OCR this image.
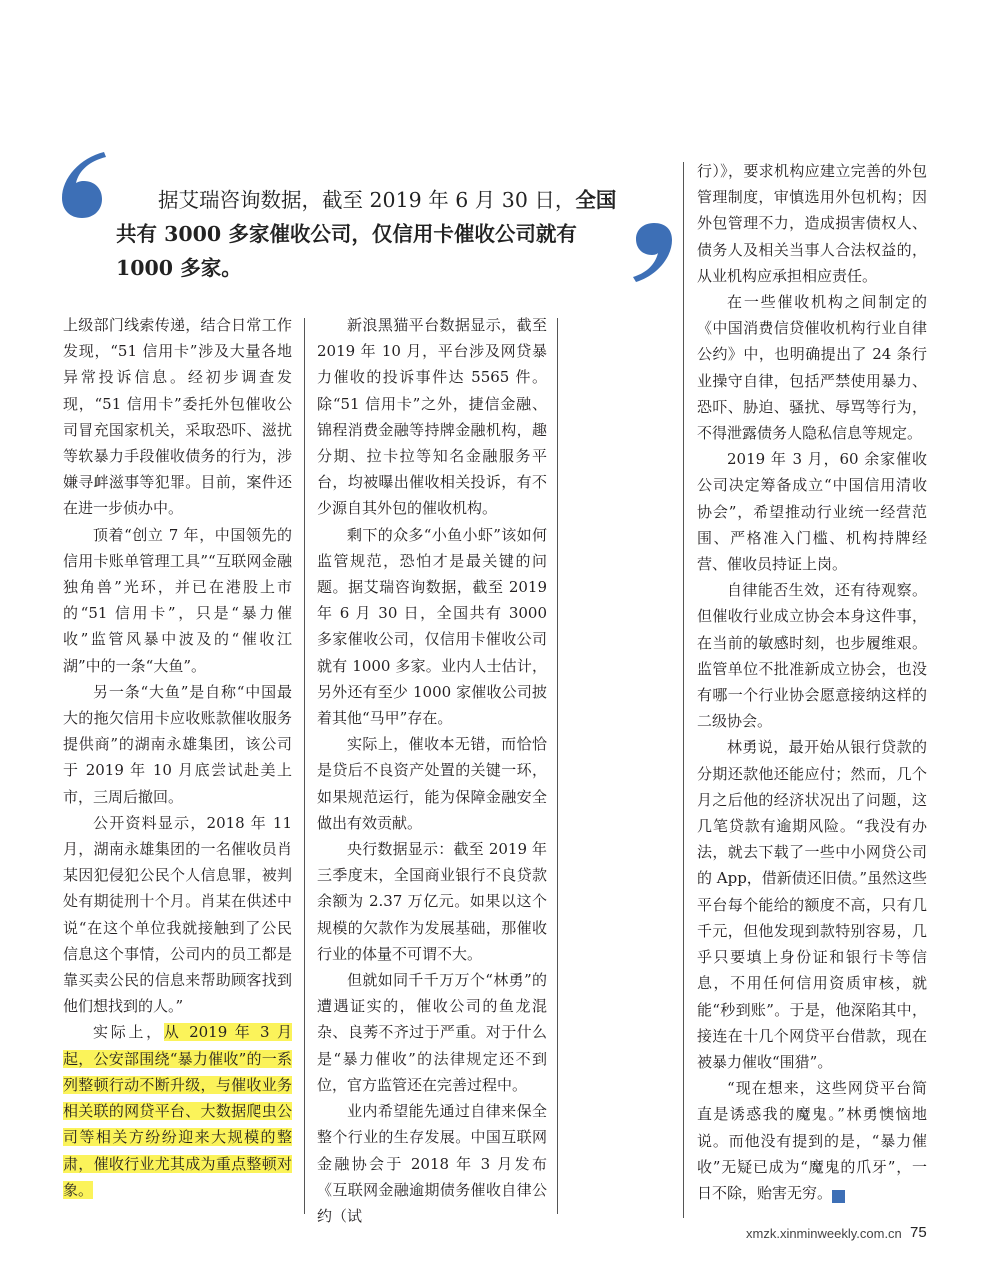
据艾瑞咨询数据，截至 2019 年 6 月 30 日，全国共有 3000 多家催收公司，仅信用卡催收公司就有 1000 多家。

上级部门线索传递，结合日常工作发现，“51 信用卡”涉及大量各地异常投诉信息。经初步调查发现，“51 信用卡”委托外包催收公司冒充国家机关，采取恐吓、滋扰等软暴力手段催收债务的行为，涉嫌寻衅滋事等犯罪。目前，案件还在进一步侦办中。

顶着“创立 7 年，中国领先的信用卡账单管理工具”“互联网金融独角兽”光环，并已在港股上市的“51 信用卡”，只是“暴力催收”监管风暴中波及的“催收江湖”中的一条“大鱼”。

另一条“大鱼”是自称“中国最大的拖欠信用卡应收账款催收服务提供商”的湖南永雄集团，该公司于 2019 年 10 月底尝试赴美上市，三周后撤回。

公开资料显示，2018 年 11 月，湖南永雄集团的一名催收员肖某因犯侵犯公民个人信息罪，被判处有期徒刑十个月。肖某在供述中说“在这个单位我就接触到了公民信息这个事情，公司内的员工都是靠买卖公民的信息来帮助顾客找到他们想找到的人。”

实际上，从 2019 年 3 月起，公安部围绕“暴力催收”的一系列整顿行动不断升级，与催收业务相关联的网贷平台、大数据爬虫公司等相关方纷纷迎来大规模的整肃，催收行业尤其成为重点整顿对象。

新浪黑猫平台数据显示，截至 2019 年 10 月，平台涉及网贷暴力催收的投诉事件达 5565 件。除“51 信用卡”之外，捷信金融、锦程消费金融等持牌金融机构，趣分期、拉卡拉等知名金融服务平台，均被曝出催收相关投诉，有不少源自其外包的催收机构。

剩下的众多“小鱼小虾”该如何监管规范，恐怕才是最关键的问题。据艾瑞咨询数据，截至 2019 年 6 月 30 日，全国共有 3000 多家催收公司，仅信用卡催收公司就有 1000 多家。业内人士估计，另外还有至少 1000 家催收公司披着其他“马甲”存在。

实际上，催收本无错，而恰恰是贷后不良资产处置的关键一环，如果规范运行，能为保障金融安全做出有效贡献。

央行数据显示：截至 2019 年三季度末，全国商业银行不良贷款余额为 2.37 万亿元。如果以这个规模的欠款作为发展基础，那催收行业的体量不可谓不大。

但就如同千千万万个“林勇”的遭遇证实的，催收公司的鱼龙混杂、良莠不齐过于严重。对于什么是“暴力催收”的法律规定还不到位，官方监管还在完善过程中。

业内希望能先通过自律来保全整个行业的生存发展。中国互联网金融协会于 2018 年 3 月发布《互联网金融逾期债务催收自律公约（试

行）》，要求机构应建立完善的外包管理制度，审慎选用外包机构；因外包管理不力，造成损害债权人、债务人及相关当事人合法权益的，从业机构应承担相应责任。

在一些催收机构之间制定的《中国消费信贷催收机构行业自律公约》中，也明确提出了 24 条行业操守自律，包括严禁使用暴力、恐吓、胁迫、骚扰、辱骂等行为，不得泄露债务人隐私信息等规定。

2019 年 3 月，60 余家催收公司决定筹备成立“中国信用清收协会”，希望推动行业统一经营范围、严格准入门槛、机构持牌经营、催收员持证上岗。

自律能否生效，还有待观察。但催收行业成立协会本身这件事，在当前的敏感时刻，也步履维艰。监管单位不批准新成立协会，也没有哪一个行业协会愿意接纳这样的二级协会。

林勇说，最开始从银行贷款的分期还款他还能应付；然而，几个月之后他的经济状况出了问题，这几笔贷款有逾期风险。“我没有办法，就去下载了一些中小网贷公司的 App，借新债还旧债。”虽然这些平台每个能给的额度不高，只有几千元，但他发现到款特别容易，几乎只要填上身份证和银行卡等信息，不用任何信用资质审核，就能“秒到账”。于是，他深陷其中，接连在十几个网贷平台借款，现在被暴力催收“围猎”。

“现在想来，这些网贷平台简直是诱惑我的魔鬼。”林勇懊恼地说。而他没有提到的是，“暴力催收”无疑已成为“魔鬼的爪牙”，一日不除，贻害无穷。	民

xmzk.xinminweekly.com.cn 75
